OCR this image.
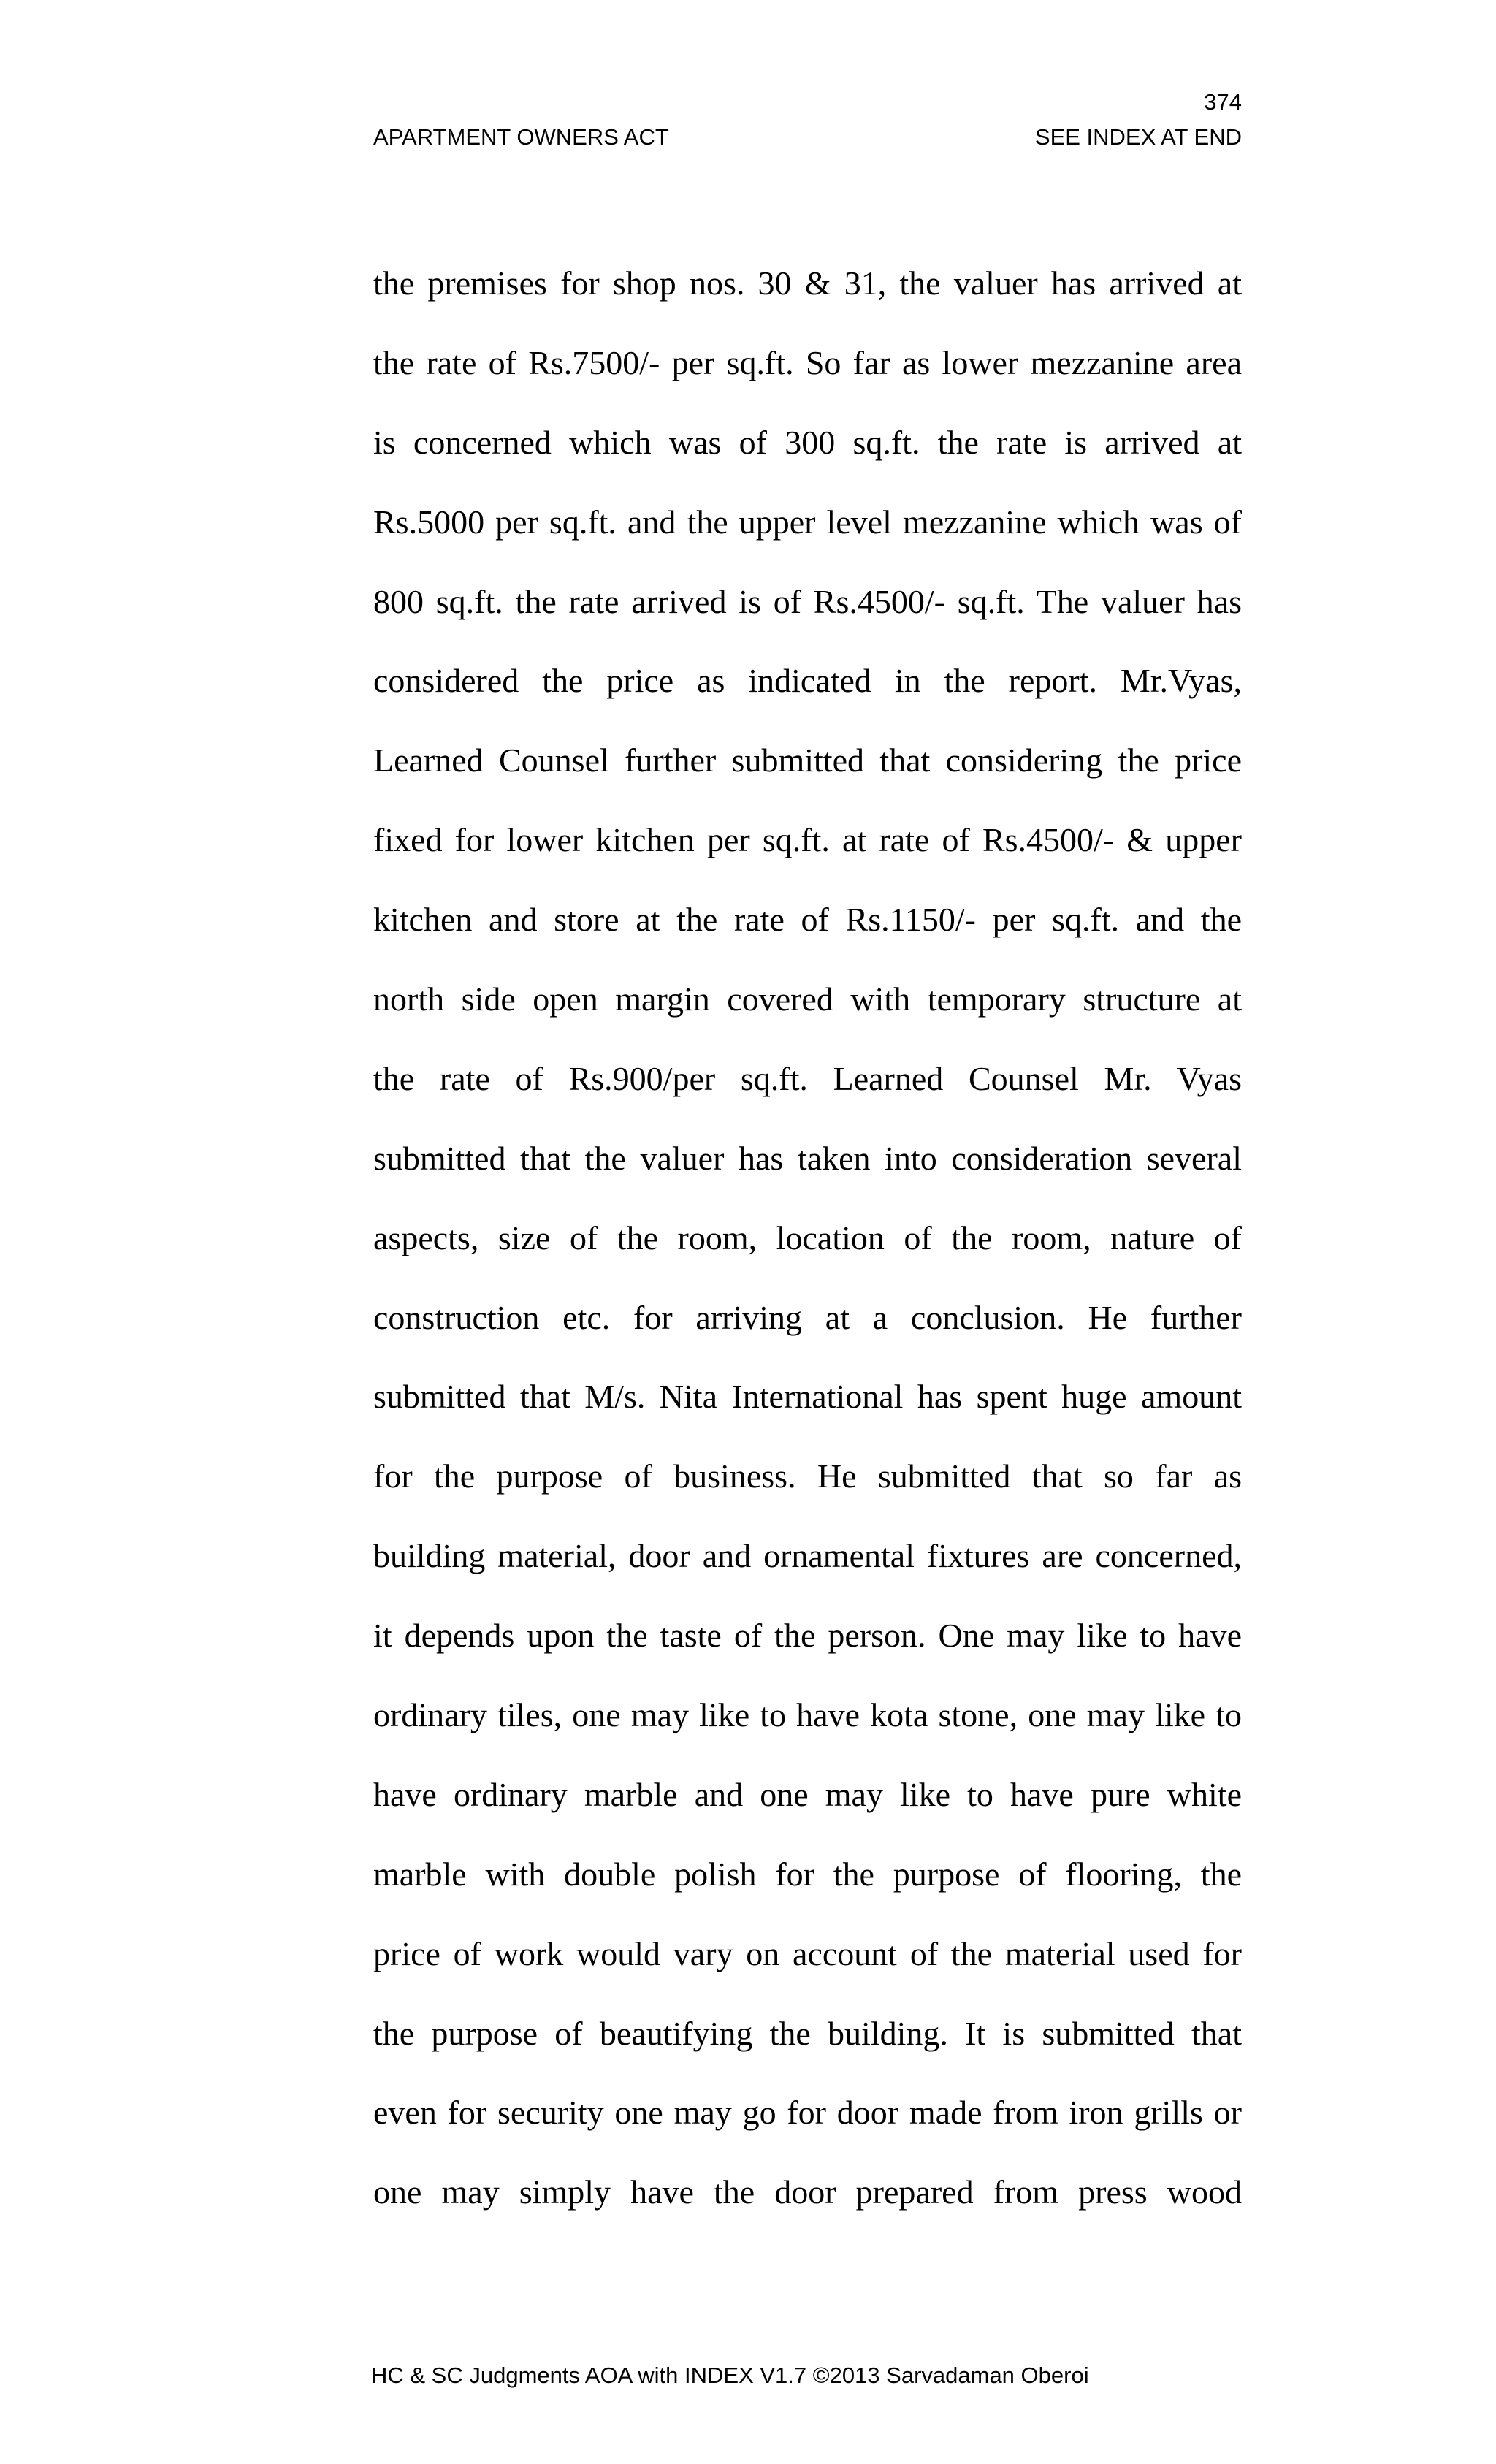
374
APARTMENT OWNERS ACT	SEE INDEX AT END
the premises for shop nos. 30 & 31, the valuer has arrived at
the rate of Rs.7500/- per sq.ft. So far as lower mezzanine area
is concerned which was of 300 sq.ft. the rate is arrived at
Rs.5000 per sq.ft. and the upper level mezzanine which was of
800 sq.ft. the rate arrived is of Rs.4500/- sq.ft. The valuer has
considered the price as indicated in the report. Mr.Vyas,
Learned Counsel further submitted that considering the price
fixed for lower kitchen per sq.ft. at rate of Rs.4500/- & upper
kitchen and store at the rate of Rs.1150/- per sq.ft. and the
north side open margin covered with temporary structure at
the rate of Rs.900/per sq.ft. Learned Counsel Mr. Vyas
submitted that the valuer has taken into consideration several
aspects, size of the room, location of the room, nature of
construction etc. for arriving at a conclusion. He further
submitted that M/s. Nita International has spent huge amount
for the purpose of business. He submitted that so far as
building material, door and ornamental fixtures are concerned,
it depends upon the taste of the person. One may like to have
ordinary tiles, one may like to have kota stone, one may like to
have ordinary marble and one may like to have pure white
marble with double polish for the purpose of flooring, the
price of work would vary on account of the material used for
the purpose of beautifying the building. It is submitted that
even for security one may go for door made from iron grills or
one may simply have the door prepared from press wood
HC & SC Judgments AOA with INDEX V1.7 ©2013 Sarvadaman Oberoi
